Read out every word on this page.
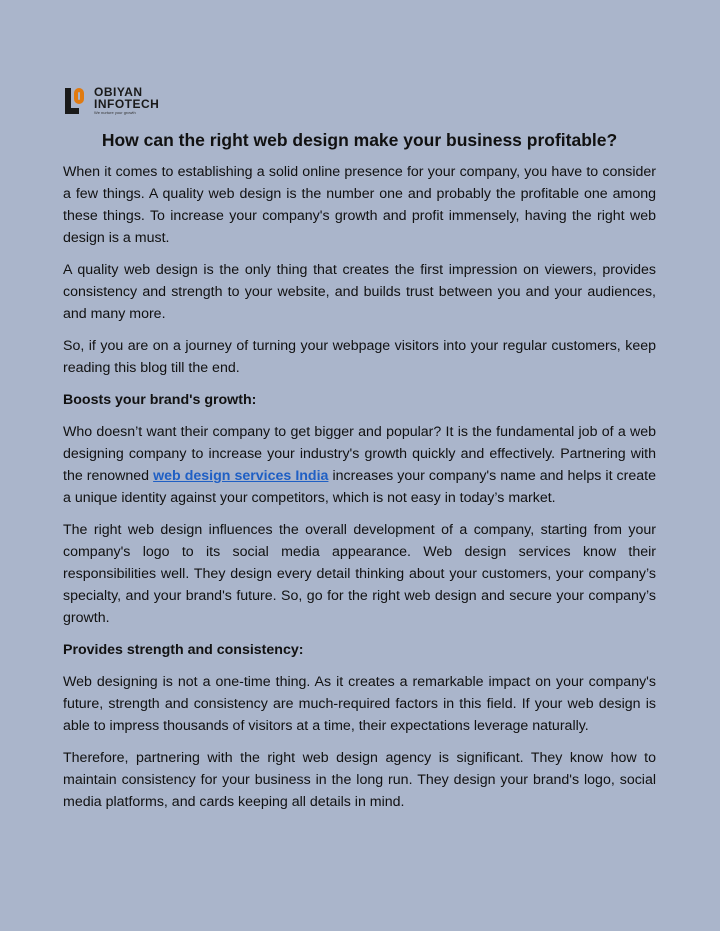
OBIYAN
INFOTECH
We nurture your growth
How can the right web design make your business profitable?

When it comes to establishing a solid online presence for your company, you have to consider a few things. A quality web design is the number one and probably the profitable one among these things. To increase your company's growth and profit immensely, having the right web design is a must.

A quality web design is the only thing that creates the first impression on viewers, provides consistency and strength to your website, and builds trust between you and your audiences, and many more.

So, if you are on a journey of turning your webpage visitors into your regular customers, keep reading this blog till the end.

Boosts your brand's growth:

Who doesn’t want their company to get bigger and popular? It is the fundamental job of a web designing company to increase your industry's growth quickly and effectively. Partnering with the renowned web design services India increases your company's name and helps it create a unique identity against your competitors, which is not easy in today’s market.

The right web design influences the overall development of a company, starting from your company's logo to its social media appearance. Web design services know their responsibilities well. They design every detail thinking about your customers, your company’s specialty, and your brand's future. So, go for the right web design and secure your company’s growth.

Provides strength and consistency:

Web designing is not a one-time thing. As it creates a remarkable impact on your company's future, strength and consistency are much-required factors in this field. If your web design is able to impress thousands of visitors at a time, their expectations leverage naturally.

Therefore, partnering with the right web design agency is significant. They know how to maintain consistency for your business in the long run. They design your brand's logo, social media platforms, and cards keeping all details in mind.
